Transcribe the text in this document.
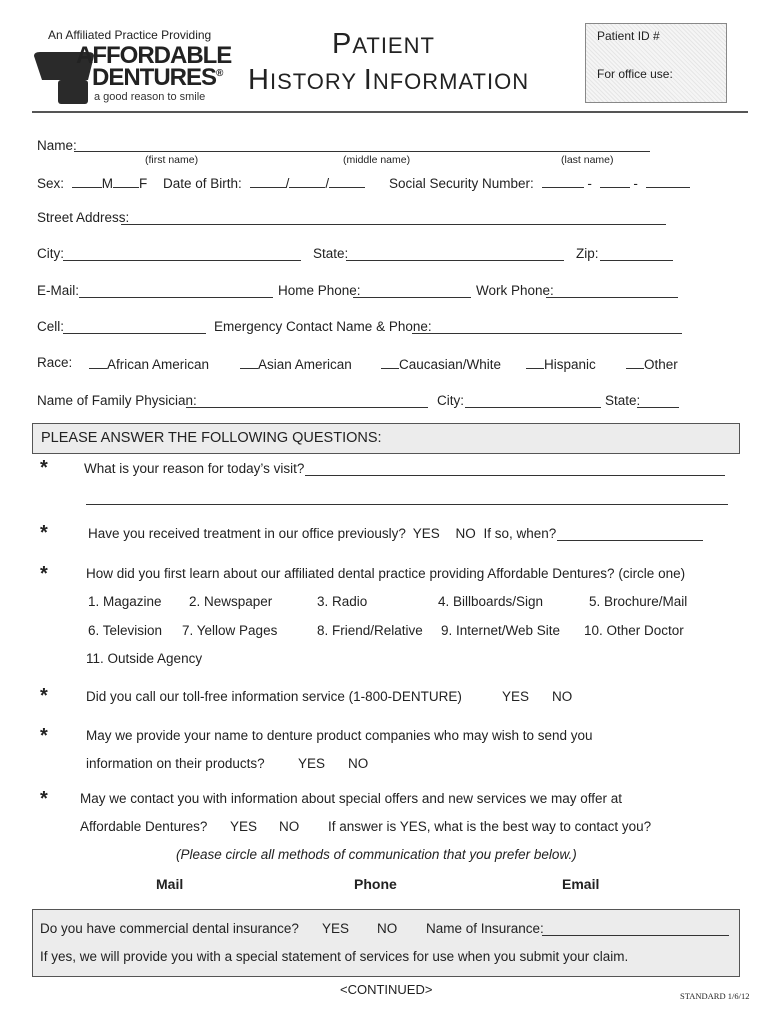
An Affiliated Practice Providing
AFFORDABLE
DENTURES®
a good reason to smile
PATIENT
HISTORY INFORMATION
Patient ID #
For office use:
Name:
(first name)	(middle name)	(last name)
Sex:	M F Date of Birth:	/	/	Social Security Number:	-	-
Street Address:
City:	State:	Zip:
E-Mail:	Home Phone:	Work Phone:
Cell:	Emergency Contact Name & Phone:
Race:	African American	Asian American	Caucasian/White	Hispanic	Other
Name of Family Physician:	City:	State:
PLEASE ANSWER THE FOLLOWING QUESTIONS:
*	What is your reason for today’s visit?
*	Have you received treatment in our office previously? YES NO If so, when?
*	How did you first learn about our affiliated dental practice providing Affordable Dentures? (circle one)
1. Magazine 2. Newspaper	3. Radio	4. Billboards/Sign	5. Brochure/Mail
6. Television 7. Yellow Pages	8. Friend/Relative 9. Internet/Web Site 10. Other Doctor
11. Outside Agency
*	Did you call our toll-free information service (1-800-DENTURE)	YES NO
*	May we provide your name to denture product companies who may wish to send you
information on their products? YES NO
* May we contact you with information about special offers and new services we may offer at
Affordable Dentures? YES NO If answer is YES, what is the best way to contact you?
(Please circle all methods of communication that you prefer below.)
Mail	Phone	Email
Do you have commercial dental insurance? YES NO Name of Insurance:
If yes, we will provide you with a special statement of services for use when you submit your claim.
<CONTINUED>	STANDARD 1/6/12
